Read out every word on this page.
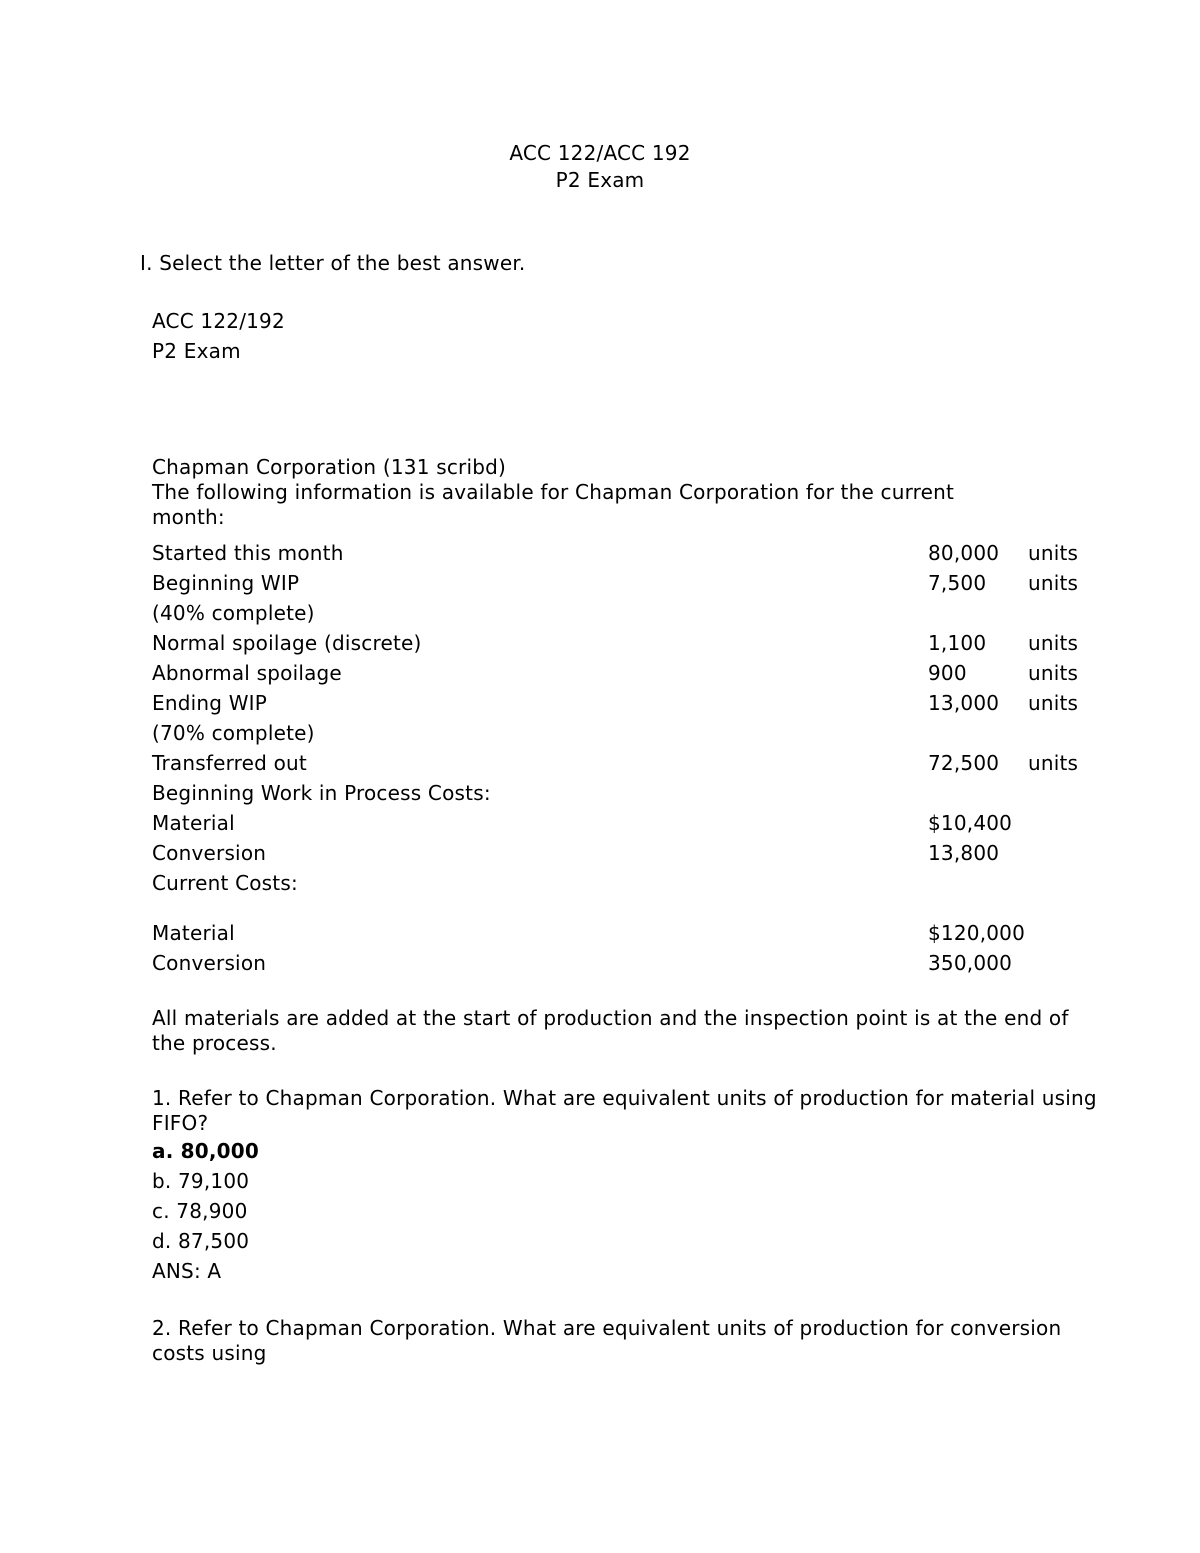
ACC 122/ACC 192
P2 Exam
I. Select the letter of the best answer.
ACC 122/192
P2 Exam

Chapman Corporation (131 scribd)

The following information is available for Chapman Corporation for the current month:

Started this month	80,000	units
Beginning WIP	7,500	units
(40% complete)		
Normal spoilage (discrete)	1,100	units
Abnormal spoilage	900	units
Ending WIP	13,000	units
(70% complete)		
Transferred out	72,500	units
Beginning Work in Process Costs:		
Material	$10,400	
Conversion	13,800	
Current Costs:		
Material	$120,000	
Conversion	350,000	
All materials are added at the start of production and the inspection point is at the end of the process.
1. Refer to Chapman Corporation. What are equivalent units of production for material using FIFO?
a. 80,000
b. 79,100
c. 78,900
d. 87,500
ANS: A
2. Refer to Chapman Corporation. What are equivalent units of production for conversion costs using
